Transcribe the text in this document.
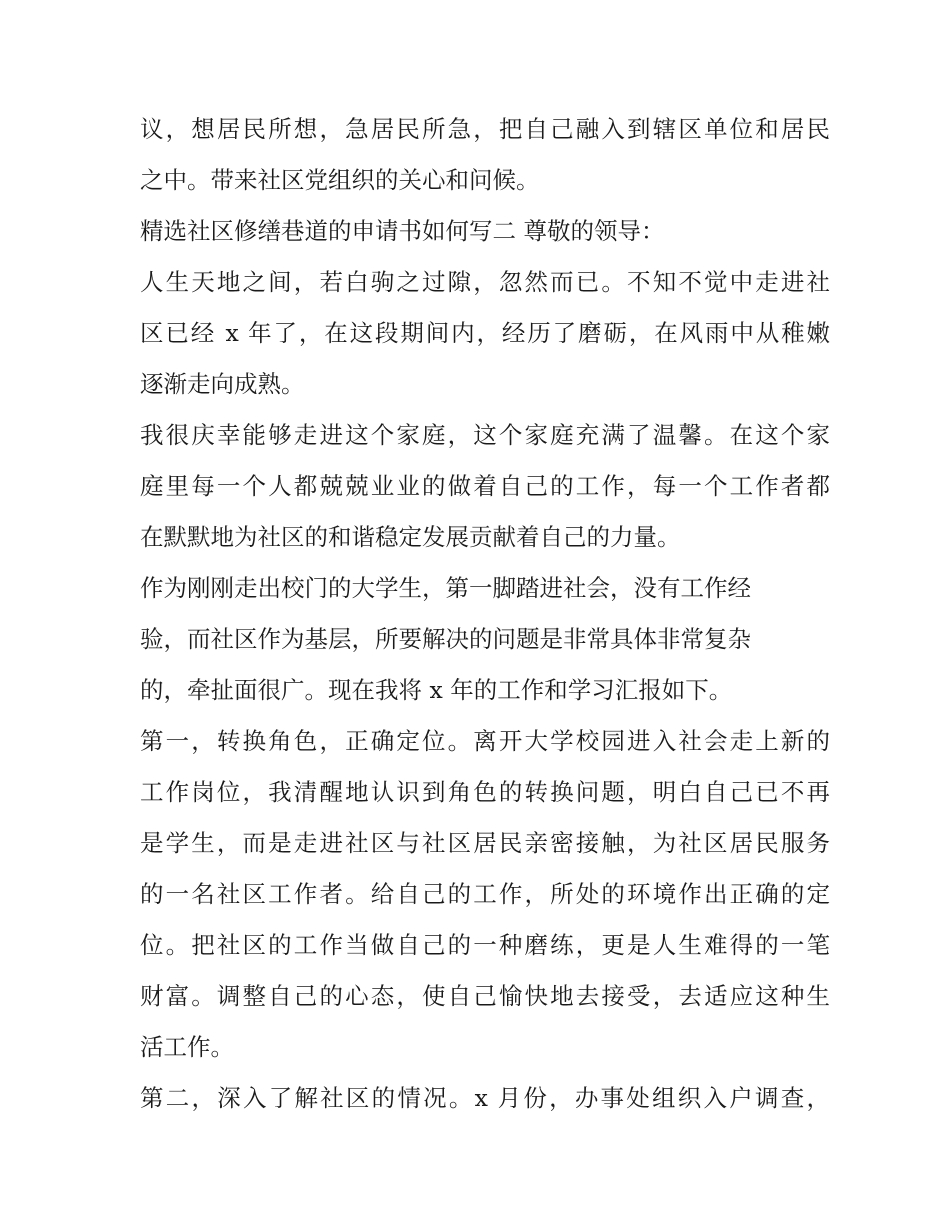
议，想居民所想，急居民所急，把自己融入到辖区单位和居民
之中。带来社区党组织的关心和问候。
精选社区修缮巷道的申请书如何写二 尊敬的领导：
人生天地之间，若白驹之过隙，忽然而已。不知不觉中走进社
区已经 x 年了，在这段期间内，经历了磨砺，在风雨中从稚嫩
逐渐走向成熟。
我很庆幸能够走进这个家庭，这个家庭充满了温馨。在这个家
庭里每一个人都兢兢业业的做着自己的工作，每一个工作者都
在默默地为社区的和谐稳定发展贡献着自己的力量。
作为刚刚走出校门的大学生，第一脚踏进社会，没有工作经
验，而社区作为基层，所要解决的问题是非常具体非常复杂
的，牵扯面很广。现在我将 x 年的工作和学习汇报如下。
第一，转换角色，正确定位。离开大学校园进入社会走上新的
工作岗位，我清醒地认识到角色的转换问题，明白自己已不再
是学生，而是走进社区与社区居民亲密接触，为社区居民服务
的一名社区工作者。给自己的工作，所处的环境作出正确的定
位。把社区的工作当做自己的一种磨练，更是人生难得的一笔
财富。调整自己的心态，使自己愉快地去接受，去适应这种生
活工作。
第二，深入了解社区的情况。x 月份，办事处组织入户调查，
